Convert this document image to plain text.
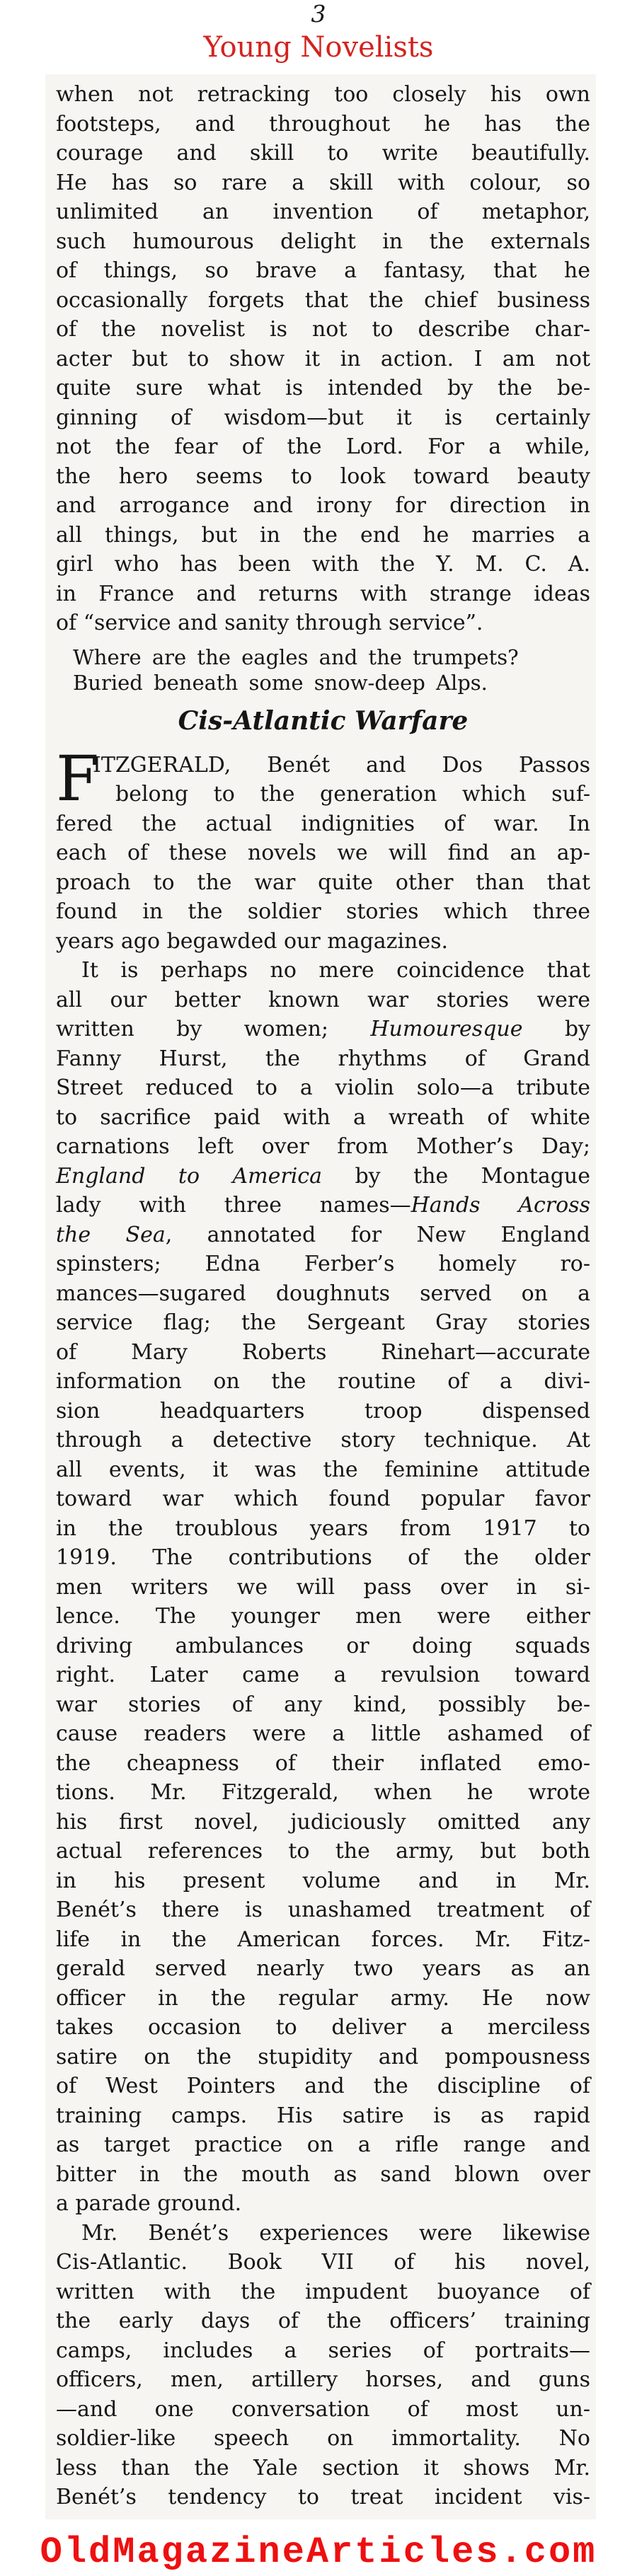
3
Young Novelists
when not retracking too closely his own
footsteps, and throughout he has the
courage and skill to write beautifully.
He has so rare a skill with colour, so
unlimited an invention of metaphor,
such humourous delight in the externals
of things, so brave a fantasy, that he
occasionally forgets that the chief business
of the novelist is not to describe char-
acter but to show it in action. I am not
quite sure what is intended by the be-
ginning of wisdom—but it is certainly
not the fear of the Lord. For a while,
the hero seems to look toward beauty
and arrogance and irony for direction in
all things, but in the end he marries a
girl who has been with the Y. M. C. A.
in France and returns with strange ideas
of “service and sanity through service”.
Where are the eagles and the trumpets?
Buried beneath some snow-deep Alps.
Cis-Atlantic Warfare
F
ITZGERALD, Benét and Dos Passos
belong to the generation which suf-
fered the actual indignities of war. In
each of these novels we will find an ap-
proach to the war quite other than that
found in the soldier stories which three
years ago begawded our magazines.
It is perhaps no mere coincidence that
all our better known war stories were
written by women; Humouresque by
Fanny Hurst, the rhythms of Grand
Street reduced to a violin solo—a tribute
to sacrifice paid with a wreath of white
carnations left over from Mother’s Day;
England to America by the Montague
lady with three names—Hands Across
the Sea, annotated for New England
spinsters; Edna Ferber’s homely ro-
mances—sugared doughnuts served on a
service flag; the Sergeant Gray stories
of Mary Roberts Rinehart—accurate
information on the routine of a divi-
sion headquarters troop dispensed
through a detective story technique. At
all events, it was the feminine attitude
toward war which found popular favor
in the troublous years from 1917 to
1919. The contributions of the older
men writers we will pass over in si-
lence. The younger men were either
driving ambulances or doing squads
right. Later came a revulsion toward
war stories of any kind, possibly be-
cause readers were a little ashamed of
the cheapness of their inflated emo-
tions. Mr. Fitzgerald, when he wrote
his first novel, judiciously omitted any
actual references to the army, but both
in his present volume and in Mr.
Benét’s there is unashamed treatment of
life in the American forces. Mr. Fitz-
gerald served nearly two years as an
officer in the regular army. He now
takes occasion to deliver a merciless
satire on the stupidity and pompousness
of West Pointers and the discipline of
training camps. His satire is as rapid
as target practice on a rifle range and
bitter in the mouth as sand blown over
a parade ground.
Mr. Benét’s experiences were likewise
Cis-Atlantic. Book VII of his novel,
written with the impudent buoyance of
the early days of the officers’ training
camps, includes a series of portraits—
officers, men, artillery horses, and guns
—and one conversation of most un-
soldier-like speech on immortality. No
less than the Yale section it shows Mr.
Benét’s tendency to treat incident vis-
OldMagazineArticles.com
